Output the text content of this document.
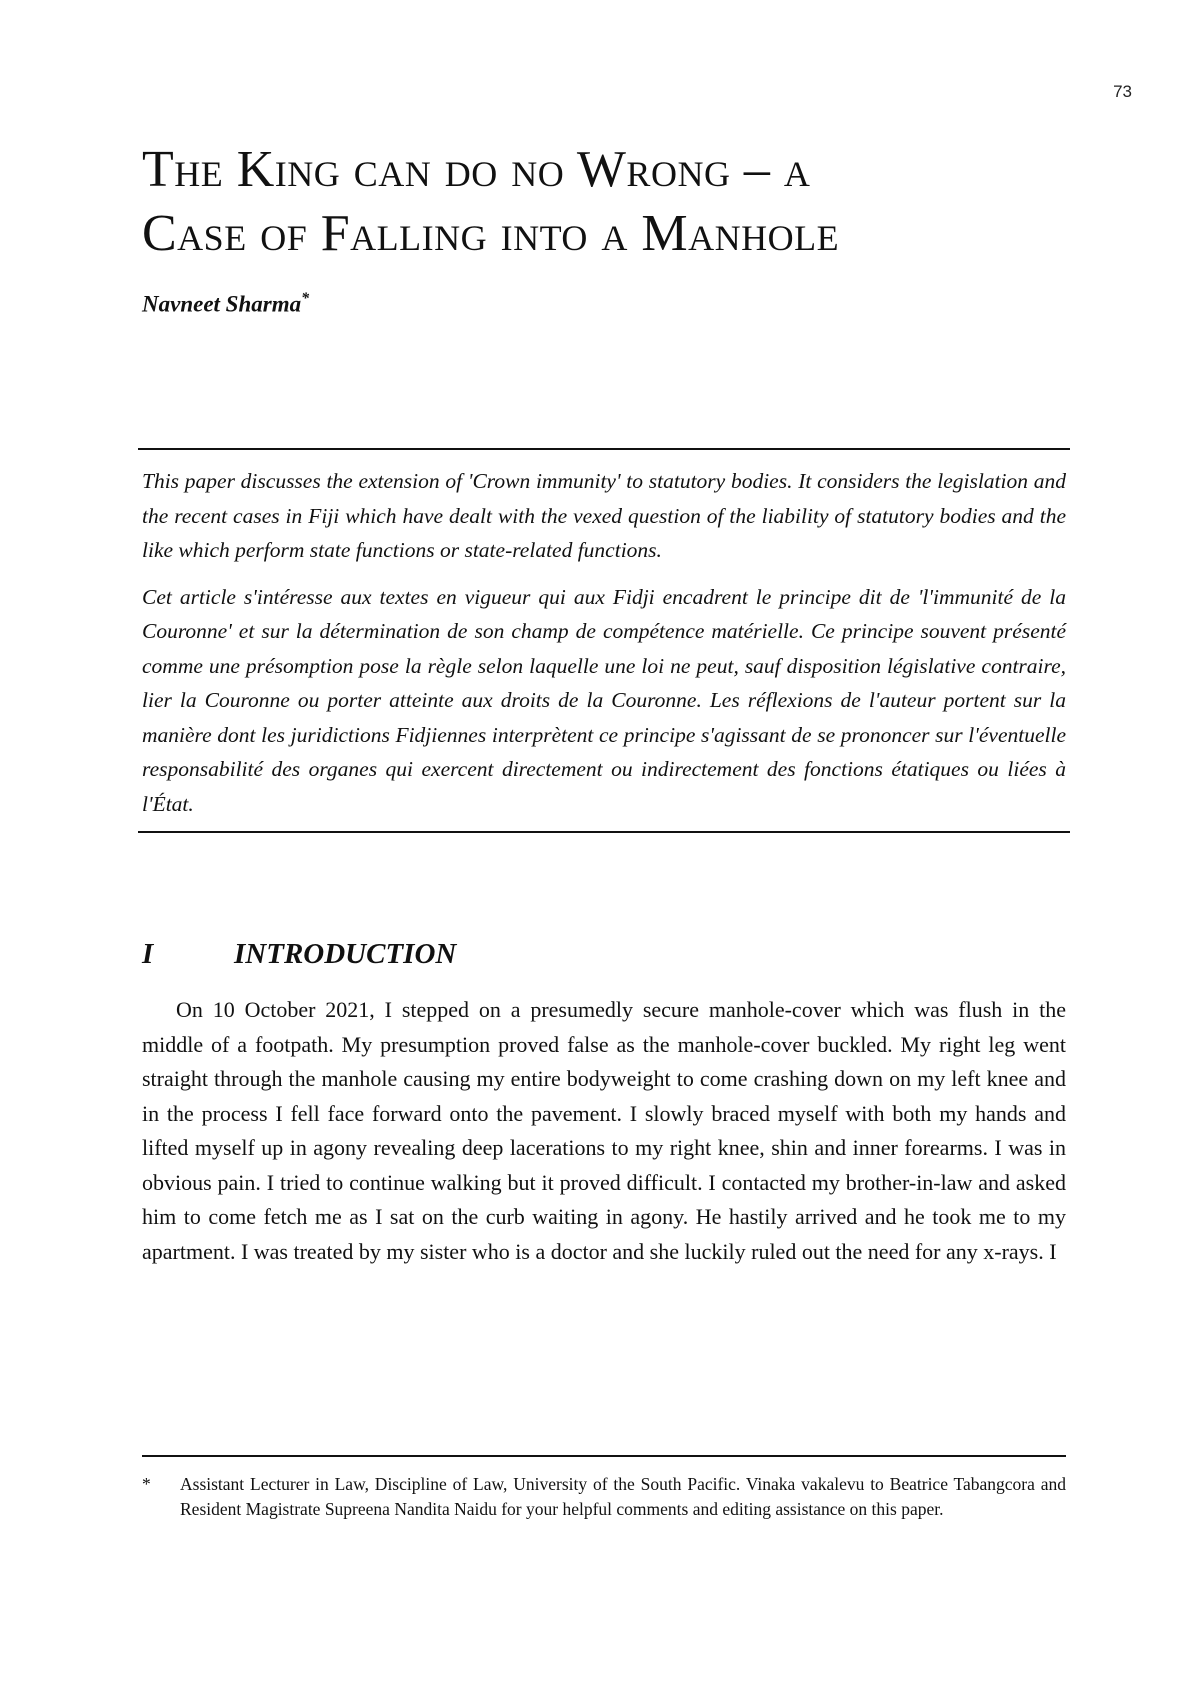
73
The King can do no Wrong – a
Case of Falling into a Manhole
Navneet Sharma*

This paper discusses the extension of 'Crown immunity' to statutory bodies. It considers the legislation and the recent cases in Fiji which have dealt with the vexed question of the liability of statutory bodies and the like which perform state functions or state-related functions.

Cet article s'intéresse aux textes en vigueur qui aux Fidji encadrent le principe dit de 'l'immunité de la Couronne' et sur la détermination de son champ de compétence matérielle. Ce principe souvent présenté comme une présomption pose la règle selon laquelle une loi ne peut, sauf disposition législative contraire, lier la Couronne ou porter atteinte aux droits de la Couronne. Les réflexions de l'auteur portent sur la manière dont les juridictions Fidjiennes interprètent ce principe s'agissant de se prononcer sur l'éventuelle responsabilité des organes qui exercent directement ou indirectement des fonctions étatiques ou liées à l'État.

I	INTRODUCTION

On 10 October 2021, I stepped on a presumedly secure manhole-cover which was flush in the middle of a footpath. My presumption proved false as the manhole-cover buckled. My right leg went straight through the manhole causing my entire bodyweight to come crashing down on my left knee and in the process I fell face forward onto the pavement. I slowly braced myself with both my hands and lifted myself up in agony revealing deep lacerations to my right knee, shin and inner forearms. I was in obvious pain. I tried to continue walking but it proved difficult. I contacted my brother-in-law and asked him to come fetch me as I sat on the curb waiting in agony. He hastily arrived and he took me to my apartment. I was treated by my sister who is a doctor and she luckily ruled out the need for any x-rays. I

*	Assistant Lecturer in Law, Discipline of Law, University of the South Pacific. Vinaka vakalevu to Beatrice Tabangcora and Resident Magistrate Supreena Nandita Naidu for your helpful comments and editing assistance on this paper.
